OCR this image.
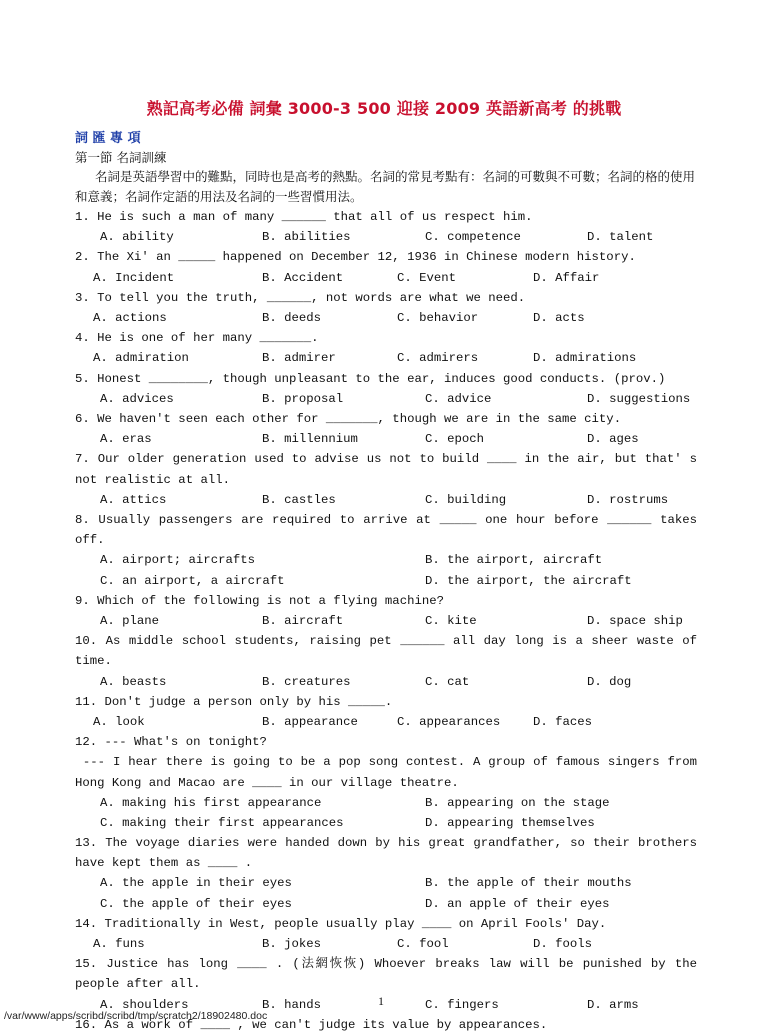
熟記高考必備 詞彙 3000-3 500 迎接 2009 英語新高考 的挑戰
詞 匯 專 項
第一節 名詞訓練

名詞是英語學習中的難點，同時也是高考的熱點。名詞的常見考點有：名詞的可數與不可數；名詞的格的使用和意義；名詞作定語的用法及名詞的一些習慣用法。

1. He is such a man of many ______ that all of us respect him.
A. ability	B. abilities	C. competence	D. talent
2. The Xi' an _____ happened on December 12, 1936 in Chinese modern history.
A. Incident	B. Accident	C. Event	D. Affair
3. To tell you the truth, ______, not words are what we need.
A. actions	B. deeds	C. behavior	D. acts
4. He is one of her many _______.
A. admiration	B. admirer	C. admirers	D. admirations
5. Honest ________, though unpleasant to the ear, induces good conducts. (prov.)
A. advices	B. proposal	C. advice	D. suggestions
6. We haven't seen each other for _______, though we are in the same city.
A. eras	B. millennium	C. epoch	D. ages
7. Our older generation used to advise us not to build ____ in the air, but that' s not realistic at all.
A. attics	B. castles	C. building	D. rostrums
8. Usually passengers are required to arrive at _____ one hour before ______ takes off.
A. airport; aircrafts	B. the airport, aircraft
C. an airport, a aircraft	D. the airport, the aircraft
9. Which of the following is not a flying machine?
A. plane	B. aircraft	C. kite	D. space ship
10. As middle school students, raising pet ______ all day long is a sheer waste of time.
A. beasts	B. creatures	C. cat	D. dog
11. Don't judge a person only by his _____.
A. look	B. appearance	C. appearances	D. faces
12. --- What's on tonight?
--- I hear there is going to be a pop song contest. A group of famous singers from Hong Kong and Macao are ____ in our village theatre.
A. making his first appearance	B. appearing on the stage
C. making their first appearances	D. appearing themselves
13. The voyage diaries were handed down by his great grandfather, so their brothers have kept them as ____ .
A. the apple in their eyes	B. the apple of their mouths
C. the apple of their eyes	D. an apple of their eyes
14. Traditionally in West, people usually play ____ on April Fools' Day.
A. funs	B. jokes	C. fool	D. fools
15. Justice has long ____ . (法網恢恢) Whoever breaks law will be punished by the people after all.
A. shoulders	B. hands	C. fingers	D. arms
16. As a work of ____ , we can't judge its value by appearances.
1
/var/www/apps/scribd/scribd/tmp/scratch2/18902480.doc
